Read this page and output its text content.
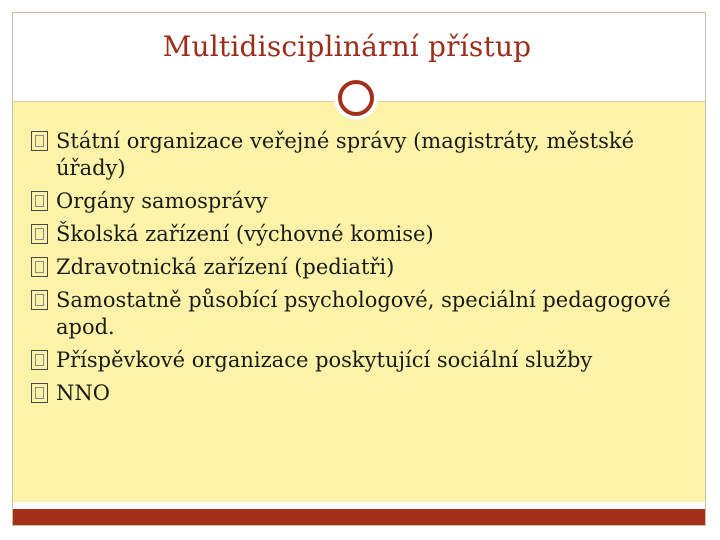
Multidisciplinární přístup
Státní organizace veřejné správy (magistráty, městské úřady)
Orgány samosprávy
Školská zařízení (výchovné komise)
Zdravotnická zařízení (pediatři)
Samostatně působící psychologové, speciální pedagogové apod.
Příspěvkové organizace poskytující sociální služby
NNO
